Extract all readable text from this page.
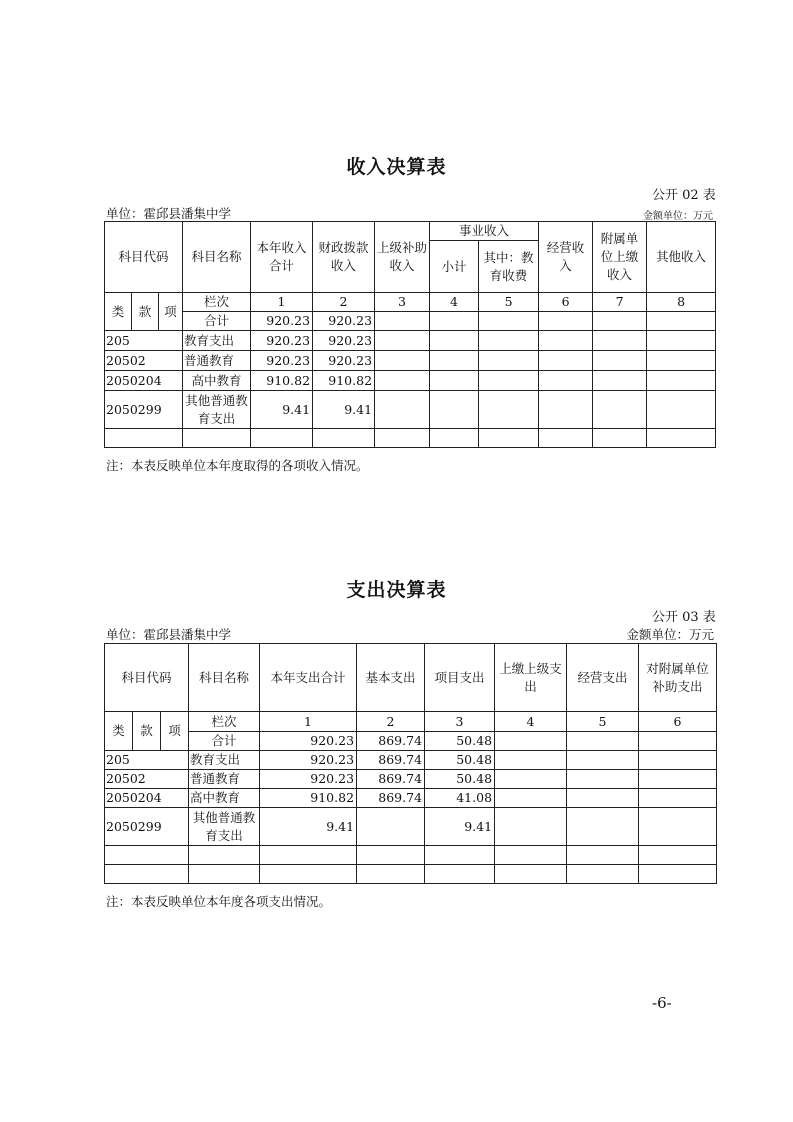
收入决算表
公开 02 表
单位：霍邱县潘集中学	金额单位：万元
科目代码			科目名称	本年收入合计	财政拨款收入	上级补助收入	事业收入		经营收入	附属单位上缴收入	其他收入
							小计	其中：教育收费			
类	款	项	栏次	1	2	3	4	5	6	7	8
			合计	920.23	920.23						
205			教育支出	920.23	920.23						
20502			普通教育	920.23	920.23						
2050204			高中教育	910.82	910.82						
2050299			其他普通教育支出	9.41	9.41						

注：本表反映单位本年度取得的各项收入情况。
支出决算表
公开 03 表
单位：霍邱县潘集中学	金额单位：万元
科目代码			科目名称	本年支出合计	基本支出	项目支出	上缴上级支出	经营支出	对附属单位补助支出
类	款	项	栏次	1	2	3	4	5	6
			合计	920.23	869.74	50.48			
205			教育支出	920.23	869.74	50.48			
20502			普通教育	920.23	869.74	50.48			
2050204			高中教育	910.82	869.74	41.08			
2050299			其他普通教育支出	9.41		9.41			

注：本表反映单位本年度各项支出情况。
-6-
